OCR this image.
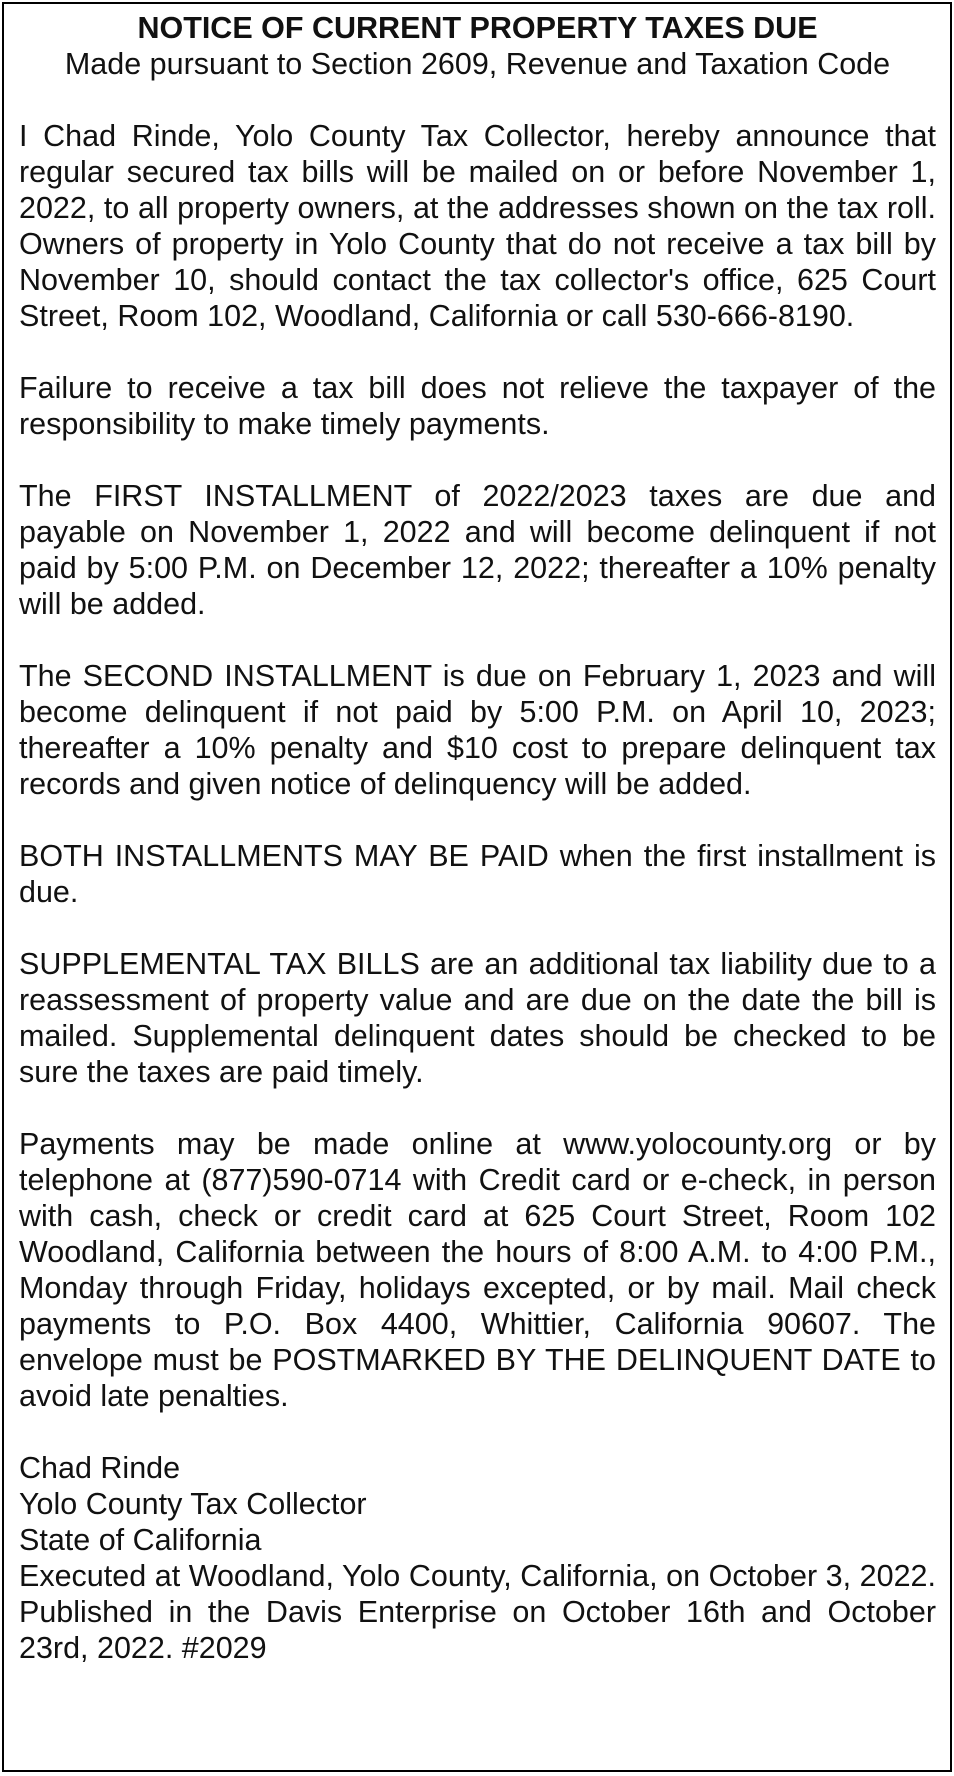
NOTICE OF CURRENT PROPERTY TAXES DUE

Made pursuant to Section 2609, Revenue and Taxation Code

I Chad Rinde, Yolo County Tax Collector, hereby announce that regular secured tax bills will be mailed on or before November 1, 2022, to all property owners, at the addresses shown on the tax roll. Owners of property in Yolo County that do not receive a tax bill by November 10, should contact the tax collector's office, 625 Court Street, Room 102, Woodland, California or call 530-666-8190.

Failure to receive a tax bill does not relieve the taxpayer of the responsibility to make timely payments.

The FIRST INSTALLMENT of 2022/2023 taxes are due and payable on November 1, 2022 and will become delinquent if not paid by 5:00 P.M. on December 12, 2022; thereafter a 10% penalty will be added.

The SECOND INSTALLMENT is due on February 1, 2023 and will become delinquent if not paid by 5:00 P.M. on April 10, 2023; thereafter a 10% penalty and $10 cost to prepare delinquent tax records and given notice of delinquency will be added.

BOTH INSTALLMENTS MAY BE PAID when the first installment is due.

SUPPLEMENTAL TAX BILLS are an additional tax liability due to a reassessment of property value and are due on the date the bill is mailed. Supplemental delinquent dates should be checked to be sure the taxes are paid timely.

Payments may be made online at www.yolocounty.org or by telephone at (877)590-0714 with Credit card or e-check, in person with cash, check or credit card at 625 Court Street, Room 102 Woodland, California between the hours of 8:00 A.M. to 4:00 P.M., Monday through Friday, holidays excepted, or by mail. Mail check payments to P.O. Box 4400, Whittier, California 90607. The envelope must be POSTMARKED BY THE DELINQUENT DATE to avoid late penalties.

Chad Rinde
Yolo County Tax Collector
State of California
Executed at Woodland, Yolo County, California, on October 3, 2022. Published in the Davis Enterprise on October 16th and October 23rd, 2022. #2029
